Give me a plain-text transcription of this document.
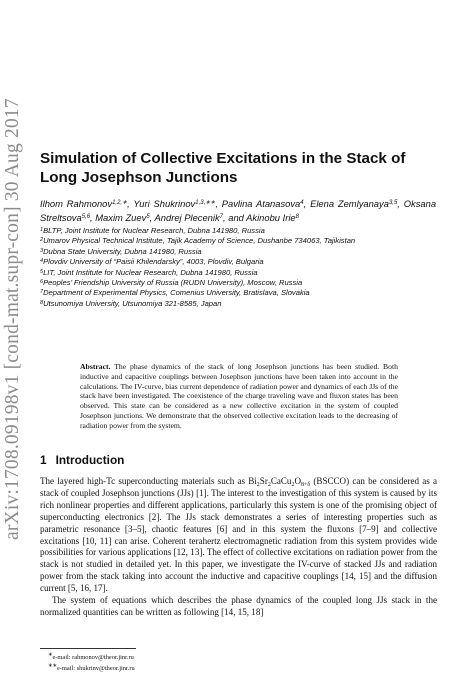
arXiv:1708.09198v1 [cond-mat.supr-con] 30 Aug 2017 Simulation of Collective Excitations in the Stack of Long Josephson Junctions
Ilhom Rahmonov$^{1,2,∗}$, Yuri Shukrinov$^{1,3,∗∗}$, Pavlina Atanasova$^4$, Elena Zemlyanaya$^{3,5}$, Oksana Streltsova$^{5,6}$, Maxim Zuev$^5$, Andrej Plecenik$^7$, and Akinobu Irie$^8$
$^1$BLTP, Joint Institute for Nuclear Research, Dubna 141980, Russia
$^2$Umarov Physical Technical Institute, Tajik Academy of Science, Dushanbe 734063, Tajikistan
$^3$Dubna State University, Dubna 141980, Russia
$^4$Plovdiv University of “Paisii Khilendarsky”, 4003, Plovdiv, Bulgaria
$^5$LIT, Joint Institute for Nuclear Research, Dubna 141980, Russia
$^6$Peoples’ Friendship University of Russia (RUDN University), Moscow, Russia
$^7$Department of Experimental Physics, Comenius University, Bratislava, Slovakia
$^8$Utsunomiya University, Utsunomiya 321-8585, Japan
Abstract. The phase dynamics of the stack of long Josephson junctions has been studied. Both inductive and capacitive couplings between Josephson junctions have been taken into account in the calculations. The IV-curve, bias current dependence of radiation power and dynamics of each JJs of the stack have been investigated. The coexistence of the charge traveling wave and fluxon states has been observed. This state can be considered as a new collective excitation in the system of coupled Josephson junctions. We demonstrate that the observed collective excitation leads to the decreasing of radiation power from the system.
1 Introduction

The layered high-Tc superconducting materials such as $Bi_2Sr_2CaCu_2O_{8+\delta}$ (BSCCO) can be considered as a stack of coupled Josephson junctions (JJs) [1]. The interest to the investigation of this system is caused by its rich nonlinear properties and different applications, particularly this system is one of the promising object of superconducting electronics [2]. The JJs stack demonstrates a series of interesting properties such as parametric resonance [3–5], chaotic features [6] and in this system the fluxons [7–9] and collective excitations [10, 11] can arise. Coherent terahertz electromagnetic radiation from this system provides wide possibilities for various applications [12, 13]. The effect of collective excitations on radiation power from the stack is not studied in detailed yet. In this paper, we investigate the IV-curve of stacked JJs and radiation power from the stack taking into account the inductive and capacitive couplings [14, 15] and the diffusion current [5, 16, 17].

The system of equations which describes the phase dynamics of the coupled long JJs stack in the normalized quantities can be written as following [14, 15, 18]

∗e-mail: rahmonov@theor.jinr.ru
∗∗e-mail: shukrinv@theor.jinr.ru
